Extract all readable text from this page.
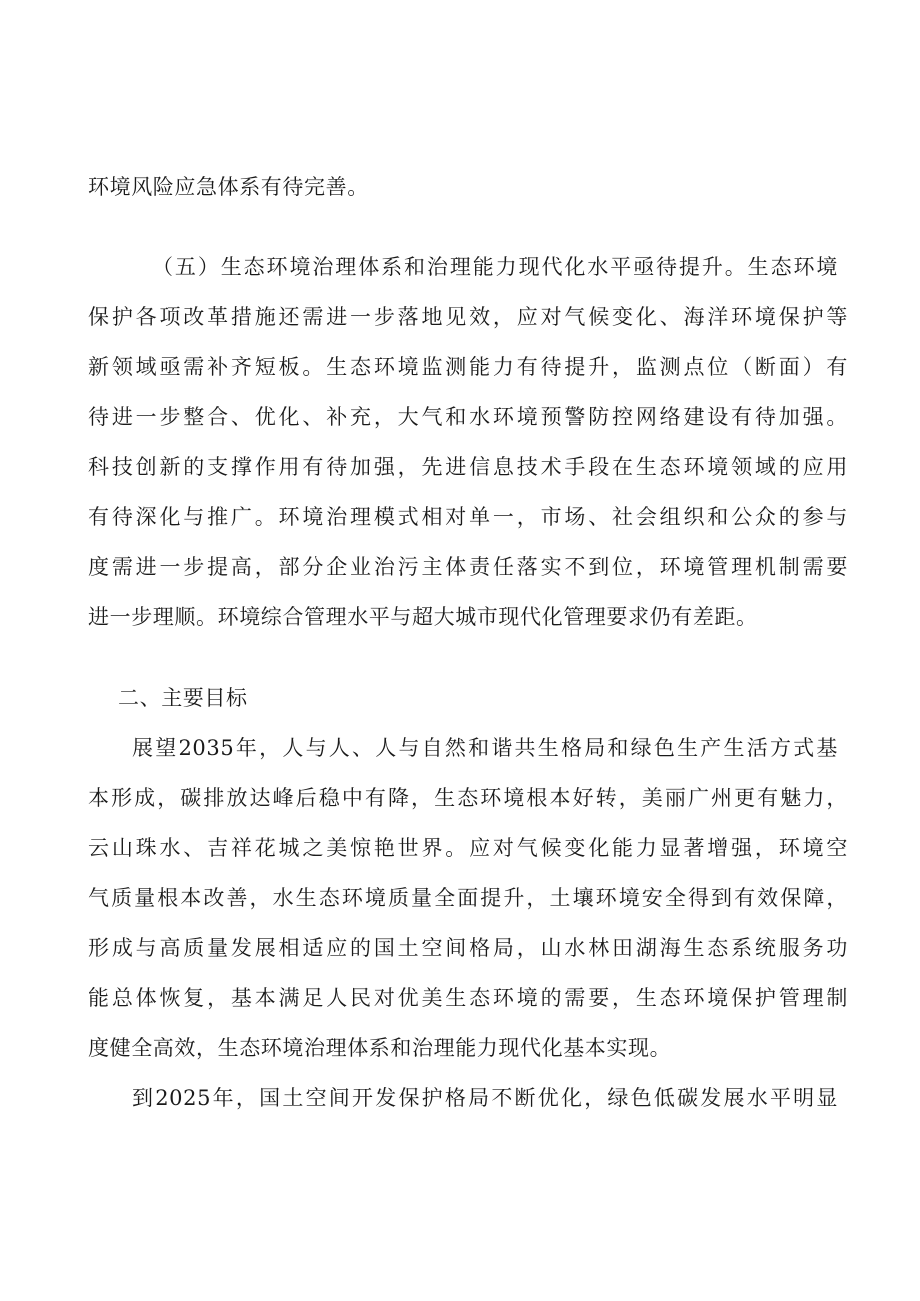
环境风险应急体系有待完善。
（五）生态环境治理体系和治理能力现代化水平亟待提升。生态环境
保护各项改革措施还需进一步落地见效，应对气候变化、海洋环境保护等
新领域亟需补齐短板。生态环境监测能力有待提升，监测点位（断面）有
待进一步整合、优化、补充，大气和水环境预警防控网络建设有待加强。
科技创新的支撑作用有待加强，先进信息技术手段在生态环境领域的应用
有待深化与推广。环境治理模式相对单一，市场、社会组织和公众的参与
度需进一步提高，部分企业治污主体责任落实不到位，环境管理机制需要
进一步理顺。环境综合管理水平与超大城市现代化管理要求仍有差距。
二、主要目标
展望2035年，人与人、人与自然和谐共生格局和绿色生产生活方式基
本形成，碳排放达峰后稳中有降，生态环境根本好转，美丽广州更有魅力，
云山珠水、吉祥花城之美惊艳世界。应对气候变化能力显著增强，环境空
气质量根本改善，水生态环境质量全面提升，土壤环境安全得到有效保障，
形成与高质量发展相适应的国土空间格局，山水林田湖海生态系统服务功
能总体恢复，基本满足人民对优美生态环境的需要，生态环境保护管理制
度健全高效，生态环境治理体系和治理能力现代化基本实现。
到2025年，国土空间开发保护格局不断优化，绿色低碳发展水平明显
